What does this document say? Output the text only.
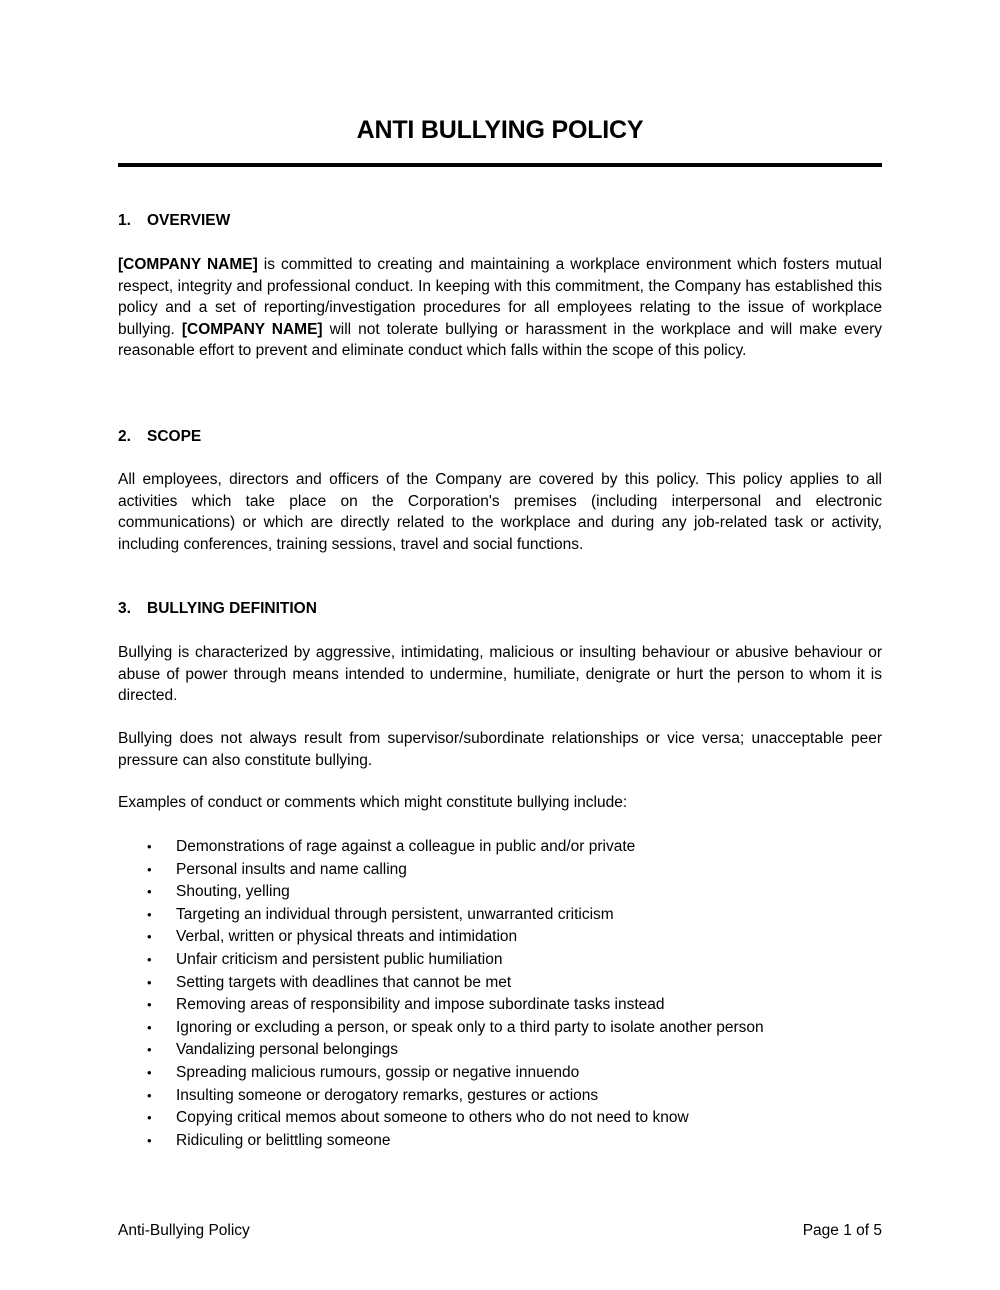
ANTI BULLYING POLICY
1. OVERVIEW

[COMPANY NAME] is committed to creating and maintaining a workplace environment which fosters mutual respect, integrity and professional conduct. In keeping with this commitment, the Company has established this policy and a set of reporting/investigation procedures for all employees relating to the issue of workplace bullying. [COMPANY NAME] will not tolerate bullying or harassment in the workplace and will make every reasonable effort to prevent and eliminate conduct which falls within the scope of this policy.

2. SCOPE

All employees, directors and officers of the Company are covered by this policy. This policy applies to all activities which take place on the Corporation's premises (including interpersonal and electronic communications) or which are directly related to the workplace and during any job-related task or activity, including conferences, training sessions, travel and social functions.

3. BULLYING DEFINITION

Bullying is characterized by aggressive, intimidating, malicious or insulting behaviour or abusive behaviour or abuse of power through means intended to undermine, humiliate, denigrate or hurt the person to whom it is directed.

Bullying does not always result from supervisor/subordinate relationships or vice versa; unacceptable peer pressure can also constitute bullying.

Examples of conduct or comments which might constitute bullying include:

• Demonstrations of rage against a colleague in public and/or private
• Personal insults and name calling
• Shouting, yelling
• Targeting an individual through persistent, unwarranted criticism
• Verbal, written or physical threats and intimidation
• Unfair criticism and persistent public humiliation
• Setting targets with deadlines that cannot be met
• Removing areas of responsibility and impose subordinate tasks instead
• Ignoring or excluding a person, or speak only to a third party to isolate another person
• Vandalizing personal belongings
• Spreading malicious rumours, gossip or negative innuendo
• Insulting someone or derogatory remarks, gestures or actions
• Copying critical memos about someone to others who do not need to know
• Ridiculing or belittling someone
Anti-Bullying Policy	Page 1 of 5
